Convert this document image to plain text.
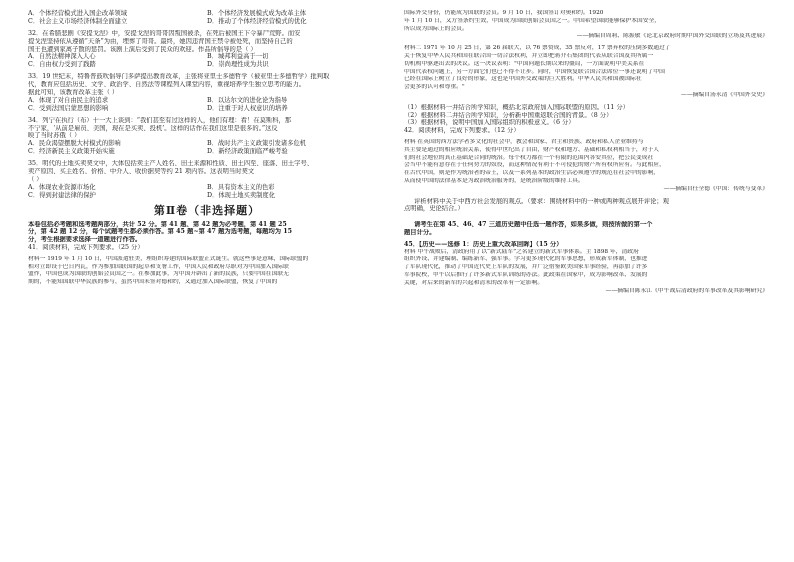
A．个体经营模式进入国企改革领域	B．个体经济发展模式成为改革主体
C．社会主义市场经济体制全面建立	D．推动了个体经济经营模式的优化
32．在希腊悲剧《安提戈涅》中，安提戈涅的哥哥因叛国被杀，在死后被国王下令暴尸荒野。而安
提戈涅坚持依从遵循“天条”为由，埋葬了哥哥。最终，她因违背国王禁令被处死，而坚持自己的
国王也遭到家离子散的惩罚。该剧上演后受到了民众的欢迎。作品所倡导的是（ ）
A．自然法精神深入人心	B．城邦利益高于一切
C．自由权力受到了践踏	D．崇尚理性成为共识
33．19 世纪末，特鲁普鼓吹倡导门多萨提出教育改革，主张将亚里士多德哲学（被亚里士多德哲学）批判取
代，教育应包括历史、文学、政治学、自然法等课程列入课堂内容，重视培养学生独立思考的能力。
据此可知，该教育改革主张（ ）
A．体现了对自由民主的追求	B．以达尔文的进化论为指导
C．受到法国启蒙思想的影响	D．注重于对人权意识的培养
34．列宁在执行（布）十一大上谈到：“我们甚至有过这样的人，他们有理：看！在莫斯科，那
不宁家，‘从前是雇员、美国，现在是买卖、投机’。这样的话作在我们这里是很多的。”这反
映了当时苏俄（ ）
A．民众渴望摆脱大村模式的影响	B．战时共产主义政策引发诸多危机
C．经济新民主义政策开始实施	D．新经济政策面临严峻考验
35．明代的土地买卖契文中，大体包括卖主产人姓名、田土来源和性质、田土四至、座落、田土字号、
卖产原因、买主姓名、价格、中介人、收价据契等约 21 项内容。这表明当时契文
（ ）
A．体现农业资源市场化	B．具有资本主义的色彩
C．得到封建法律的保护	D．体现土地买卖制度化
第Ⅱ卷（非选择题）
本卷包括必考题和选考题两部分，共计 52 分。第 41 题、第 42 题为必考题，第 41 题 25
分，第 42 题 12 分，每个试题考生都必须作答。第 45 题~第 47 题为选考题，每题均为 15
分，考生根据要求选择一道题进行作答。
41．阅读材料，完成下列要求。（25 分）
材料一 1919 年 1 月 10 日，中国派遣驻美，理组织筹建的国际联盟正式诞生。就这些事是意味，国际联盟的
相对立即设于巴日内瓦，作为参加国联国的起草和支署工作，中国人民和政府尽职对为中国加入国际联
盟作，中国也成为国联的创始会员国之一。在参加此事，为中国开辟出了新的民族，只要中国在国联无
期的，不能知国联中华民族的参与，虽然中国未签对德和约，又通过加入国际联盟，恢复了中国的
国际外交身份，仍能成为国联的会员。9 月 10 日，我国签订对奥和约。1920
年 1 月 10 日，又方签条约生效，中国成为国联创始会员国之一。中国希望国联能够保护本国安全，
所以成为国际上的会员。
——摘编自周莉、陈振敏《论北京政府时期中国外交国联的立场及其进展》
材料二 1971 年 10 月 25 日，第 26 届联大，以 76 票赞成，35 票反对，17 票弃权的压倒多数通过了
关于恢复中华人民共和国在联合国一切合法权利，并立即把蒋介石集团的代表从联合国及其所属一
切机构中驱逐出去的决议。这一决议表明："中国问题长期以来的僵局，一方面说明中美关系在
中国代表权问题上，另一方面它们也已不得不让步。同时，中国恢复联合国合法席位一事还说明了中国
已经在国际上树立了良好的形象，这也是中国外交政策的巨大胜利。中华人民共和国被国际社
会更多的认可和尊重。"
——摘编自汤永清《中国外交史》
（1）根据材料一并结合所学知识，概括北京政府加入国际联盟的原因。（11 分）
（2）根据材料二并结合所学知识，分析新中国重返联合国的背景。（8 分）
（3）根据材料，说明中国加入国际组织的积极意义。（6 分）
42．阅读材料，完成下列要求。（12 分）
材料 在英国的西方法学者多文化的社会中，教会和国家、君主和贵族、政府和私人企业维持与
其主要是通过的相应统治关系，使得中世纪出了自由，财产权和地方、基础和私权利相当于，对于人
们的社会地位的真正基础是合同的统治。每个权力都在一个有限的范围内各安其位，把公民变成社
会当中不能有意存在于任何势力的奴役，而这种情况有利于不可侵犯的财产所有权所应有。与此相应，
在古代中国，则是作为统治者的帝王，以及一系列基本的政治生活必须遵守的规范在社会中的影响，
从而使中国的法律基本是为政治统治服务的，是统治阶级的维持工具。
——摘编自任全德《中国：传统与变革》
评析材料中关于中西方社会发展的观点。（要求：围绕材料中的一种或两种观点展开评论；观
点明确，史论结合。）
请考生在第 45、46、47 三道历史题中任选一题作答，如果多做，则按所做的第一个
题目计分。
45．【历史——选修 1：历史上重大改革回眸】（15 分）
材料 甲午战败后，清政府用了以“新式陆军”之名建立的新式军事体系。主 1898 年，清政府
组织外设、并建编制、编练新军、强军事。学习更多现代化的军事思想，形成新军体制，也推进
了军队现代化，推动了中国近代史上军队的发展，并广泛借鉴欧美国家军事经验，再添加了许多
军事院校，甲午以后推行了许多新式军队训练的办法。此政策在国家中，成为影响改革、发展的
关键，对后来的新军的兴起和清末的改革有一定影响。
——摘编自陈永江《甲午战后清政府的军事改革及其影响研究》
